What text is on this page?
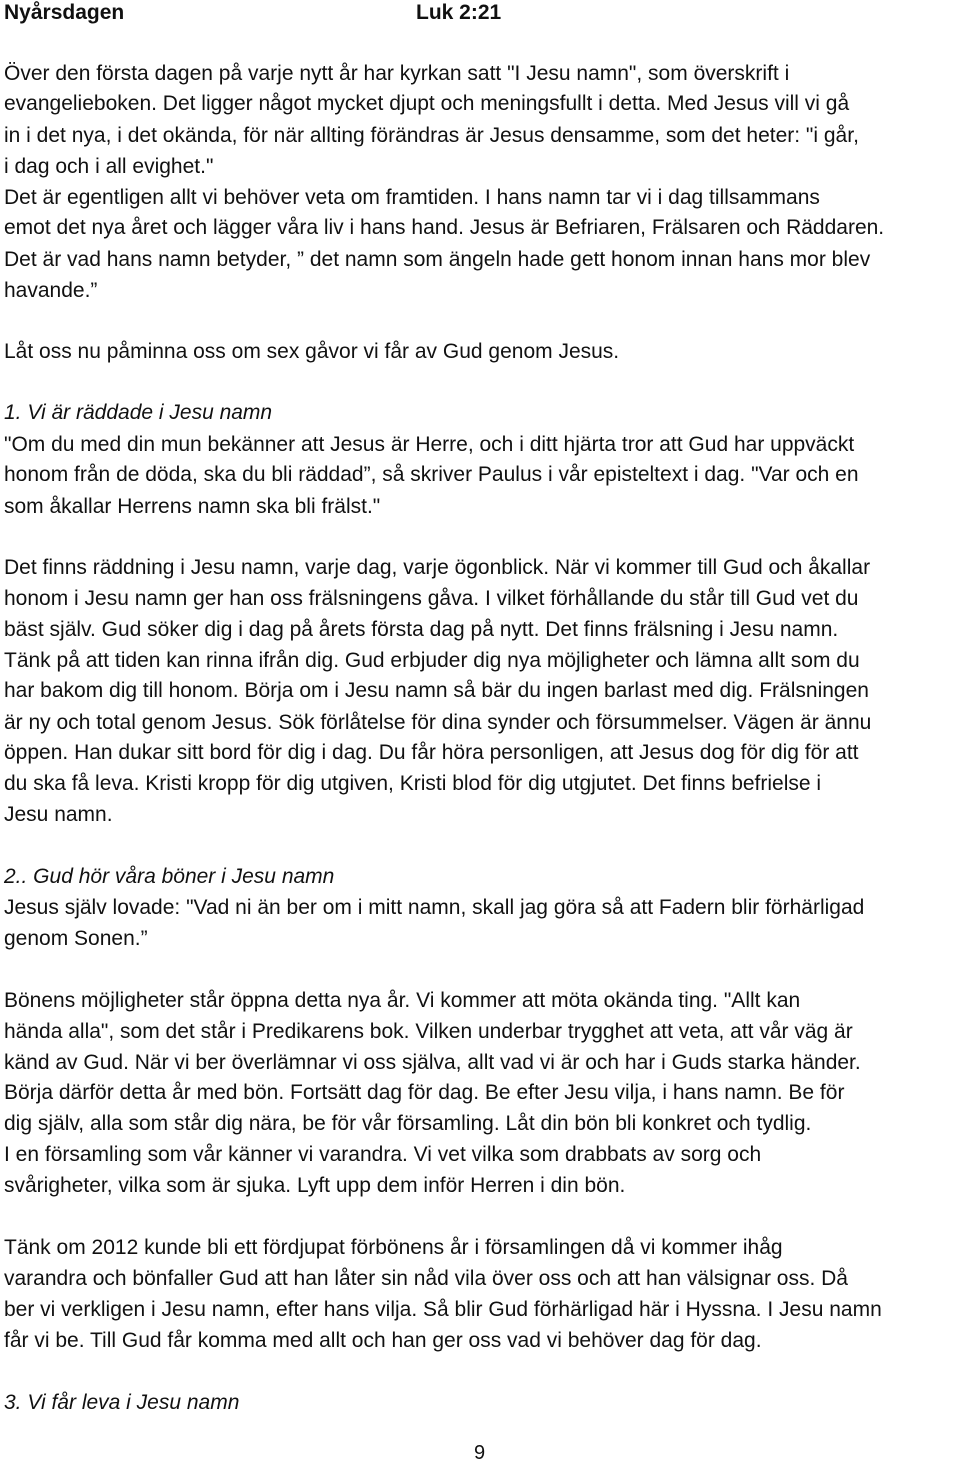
Nyårsdagen	Luk 2:21
Över den första dagen på varje nytt år har kyrkan satt "I Jesu namn", som överskrift i
evangelieboken. Det ligger något mycket djupt och meningsfullt i detta. Med Jesus vill vi gå
in i det nya, i det okända, för när allting förändras är Jesus densamme, som det heter: "i går,
i dag och i all evighet."
Det är egentligen allt vi behöver veta om framtiden. I hans namn tar vi i dag tillsammans
emot det nya året och lägger våra liv i hans hand. Jesus är Befriaren, Frälsaren och Räddaren.
Det är vad hans namn betyder, ” det namn som ängeln hade gett honom innan hans mor blev
havande.”
Låt oss nu påminna oss om sex gåvor vi får av Gud genom Jesus.
1. Vi är räddade i Jesu namn
"Om du med din mun bekänner att Jesus är Herre, och i ditt hjärta tror att Gud har uppväckt
honom från de döda, ska du bli räddad”, så skriver Paulus i vår episteltext i dag. "Var och en
som åkallar Herrens namn ska bli frälst."
Det finns räddning i Jesu namn, varje dag, varje ögonblick. När vi kommer till Gud och åkallar
honom i Jesu namn ger han oss frälsningens gåva. I vilket förhållande du står till Gud vet du
bäst själv. Gud söker dig i dag på årets första dag på nytt. Det finns frälsning i Jesu namn.
Tänk på att tiden kan rinna ifrån dig. Gud erbjuder dig nya möjligheter och lämna allt som du
har bakom dig till honom. Börja om i Jesu namn så bär du ingen barlast med dig. Frälsningen
är ny och total genom Jesus. Sök förlåtelse för dina synder och försummelser. Vägen är ännu
öppen. Han dukar sitt bord för dig i dag. Du får höra personligen, att Jesus dog för dig för att
du ska få leva. Kristi kropp för dig utgiven, Kristi blod för dig utgjutet. Det finns befrielse i
Jesu namn.
2.. Gud hör våra böner i Jesu namn
Jesus själv lovade: "Vad ni än ber om i mitt namn, skall jag göra så att Fadern blir förhärligad
genom Sonen.”
Bönens möjligheter står öppna detta nya år. Vi kommer att möta okända ting. "Allt kan
hända alla", som det står i Predikarens bok. Vilken underbar trygghet att veta, att vår väg är
känd av Gud. När vi ber överlämnar vi oss själva, allt vad vi är och har i Guds starka händer.
Börja därför detta år med bön. Fortsätt dag för dag. Be efter Jesu vilja, i hans namn. Be för
dig själv, alla som står dig nära, be för vår församling. Låt din bön bli konkret och tydlig.
I en församling som vår känner vi varandra. Vi vet vilka som drabbats av sorg och
svårigheter, vilka som är sjuka. Lyft upp dem inför Herren i din bön.
Tänk om 2012 kunde bli ett fördjupat förbönens år i församlingen då vi kommer ihåg
varandra och bönfaller Gud att han låter sin nåd vila över oss och att han välsignar oss. Då
ber vi verkligen i Jesu namn, efter hans vilja. Så blir Gud förhärligad här i Hyssna. I Jesu namn
får vi be. Till Gud får komma med allt och han ger oss vad vi behöver dag för dag.
3. Vi får leva i Jesu namn
9
